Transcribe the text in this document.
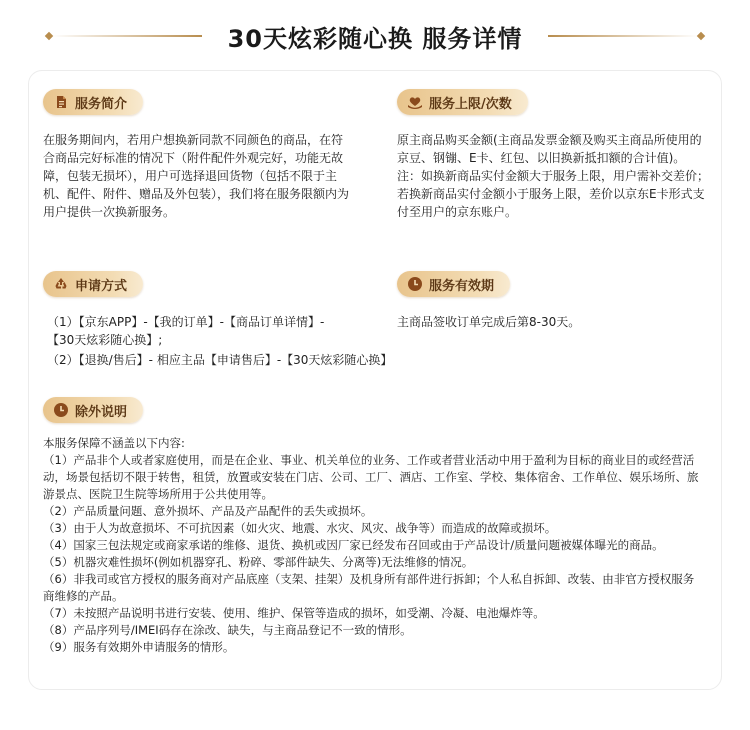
30天炫彩随心换 服务详情
服务简介
在服务期间内，若用户想换新同款不同颜色的商品，在符合商品完好标准的情况下（附件配件外观完好，功能无故障，包装无损坏），用户可选择退回货物（包括不限于主机、配件、附件、赠品及外包装），我们将在服务限额内为用户提供一次换新服务。
服务上限/次数

原主商品购买金额(主商品发票金额及购买主商品所使用的京豆、钢镚、E卡、红包、以旧换新抵扣额的合计值)。

注：如换新商品实付金额大于服务上限，用户需补交差价；若换新商品实付金额小于服务上限，差价以京东E卡形式支付至用户的京东账户。

申请方式
（1）【京东APP】-【我的订单】-【商品订单详情】-【30天炫彩随心换】;
（2）【退换/售后】- 相应主品【申请售后】-【30天炫彩随心换】
服务有效期
主商品签收订单完成后第8-30天。
除外说明

本服务保障不涵盖以下内容:

（1）产品非个人或者家庭使用，而是在企业、事业、机关单位的业务、工作或者营业活动中用于盈利为目标的商业目的或经营活动，场景包括切不限于转售，租赁，放置或安装在门店、公司、工厂、酒店、工作室、学校、集体宿舍、工作单位、娱乐场所、旅游景点、医院卫生院等场所用于公共使用等。

（2）产品质量问题、意外损坏、产品及产品配件的丢失或损坏。

（3）由于人为故意损坏、不可抗因素（如火灾、地震、水灾、风灾、战争等）而造成的故障或损坏。

（4）国家三包法规定或商家承诺的维修、退货、换机或因厂家已经发布召回或由于产品设计/质量问题被媒体曝光的商品。

（5）机器灾难性损坏(例如机器穿孔、粉碎、零部件缺失、分离等)无法维修的情况。

（6）非我司或官方授权的服务商对产品底座（支架、挂架）及机身所有部件进行拆卸；个人私自拆卸、改装、由非官方授权服务商维修的产品。

（7）未按照产品说明书进行安装、使用、维护、保管等造成的损坏，如受潮、冷凝、电池爆炸等。

（8）产品序列号/IMEI码存在涂改、缺失，与主商品登记不一致的情形。

（9）服务有效期外申请服务的情形。
